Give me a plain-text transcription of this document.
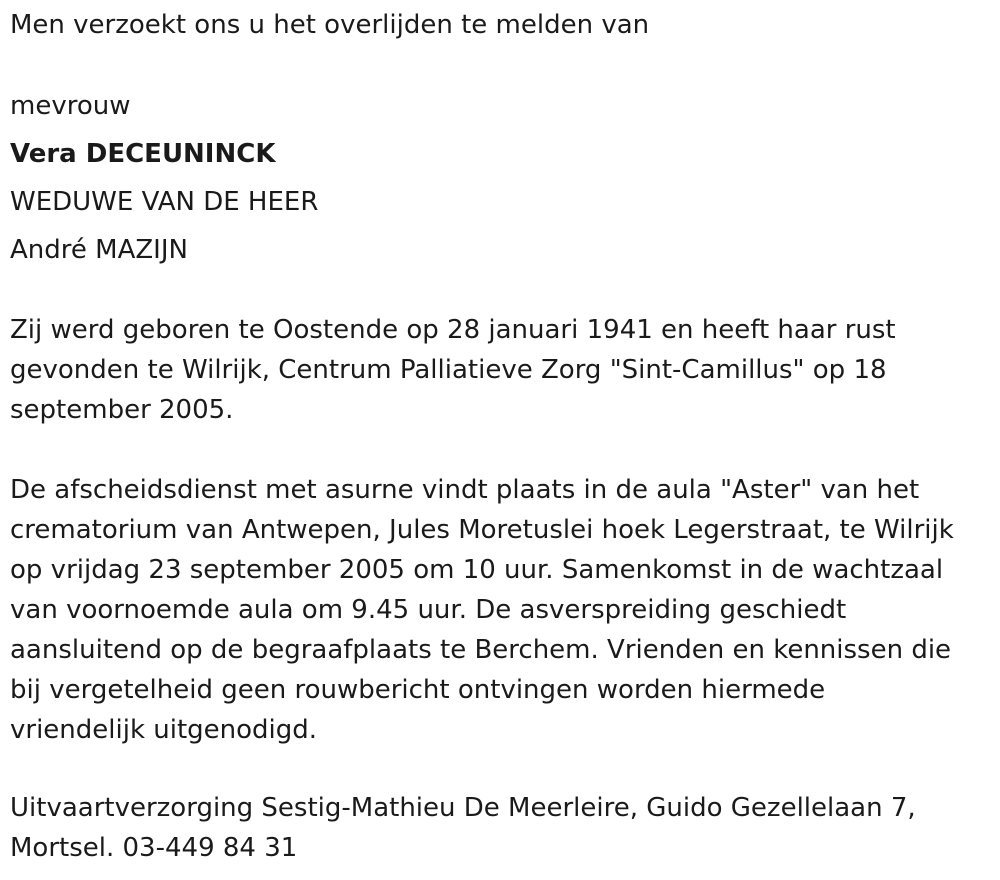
Men verzoekt ons u het overlijden te melden van
mevrouw
Vera DECEUNINCK
WEDUWE VAN DE HEER
André MAZIJN
Zij werd geboren te Oostende op 28 januari 1941 en heeft haar rust
gevonden te Wilrijk, Centrum Palliatieve Zorg "Sint-Camillus" op 18
september 2005.
De afscheidsdienst met asurne vindt plaats in de aula "Aster" van het
crematorium van Antwepen, Jules Moretuslei hoek Legerstraat, te Wilrijk
op vrijdag 23 september 2005 om 10 uur. Samenkomst in de wachtzaal
van voornoemde aula om 9.45 uur. De asverspreiding geschiedt
aansluitend op de begraafplaats te Berchem. Vrienden en kennissen die
bij vergetelheid geen rouwbericht ontvingen worden hiermede
vriendelijk uitgenodigd.
Uitvaartverzorging Sestig-Mathieu De Meerleire, Guido Gezellelaan 7,
Mortsel. 03-449 84 31
